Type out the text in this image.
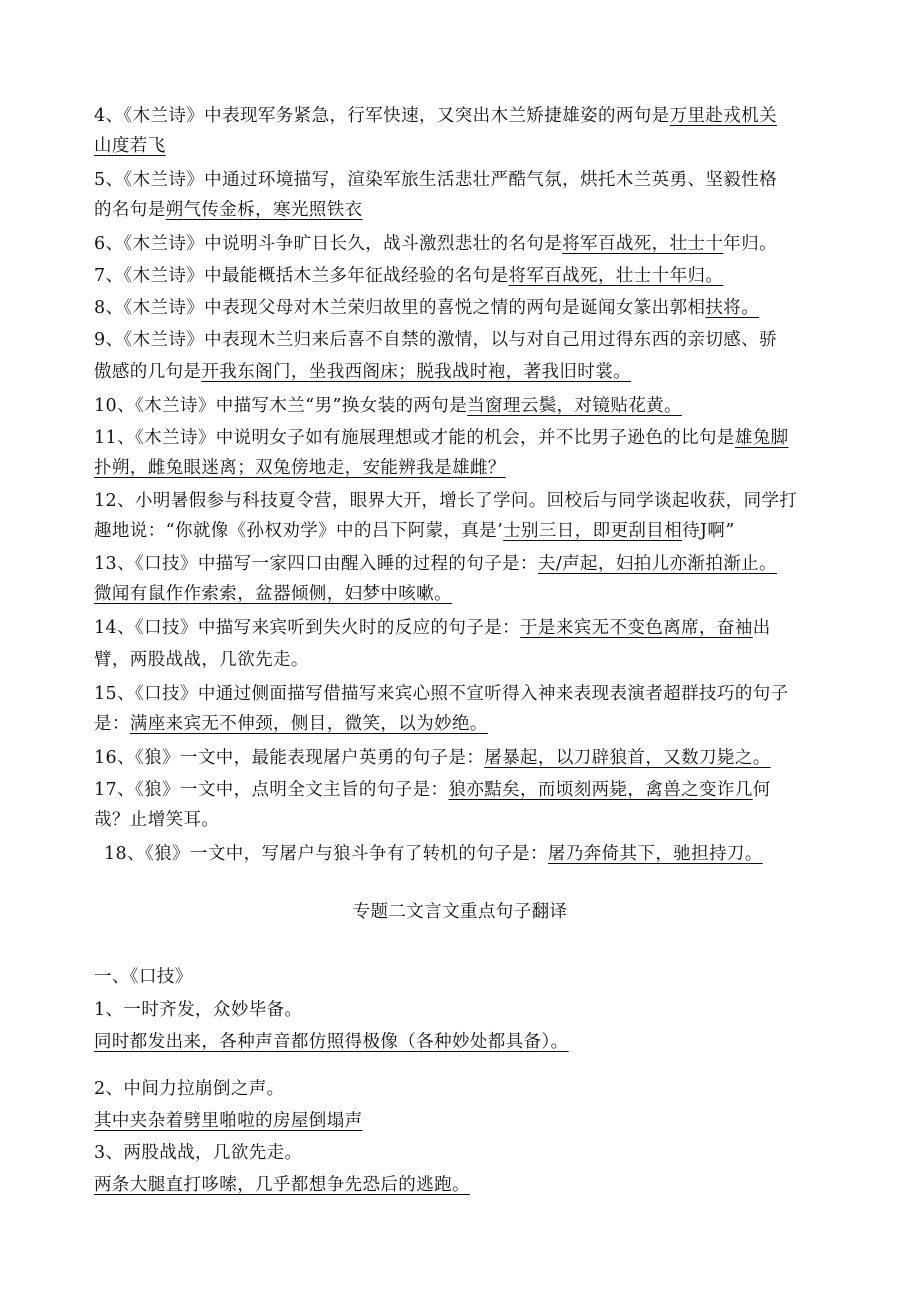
4、《木兰诗》中表现军务紧急，行军快速，又突出木兰矫捷雄姿的两句是万里赴戎机关
山度若飞
5、《木兰诗》中通过环境描写，渲染军旅生活悲壮严酷气氛，烘托木兰英勇、坚毅性格
的名句是朔气传金柝，寒光照铁衣
6、《木兰诗》中说明斗争旷日长久，战斗激烈悲壮的名句是将军百战死，壮士十年归。
7、《木兰诗》中最能概括木兰多年征战经验的名句是将军百战死，壮士十年归。
8、《木兰诗》中表现父母对木兰荣归故里的喜悦之情的两句是诞闻女篆出郭相扶将。
9、《木兰诗》中表现木兰归来后喜不自禁的激情，以与对自己用过得东西的亲切感、骄
傲感的几句是开我东阁门，坐我西阁床；脱我战时袍，著我旧时裳。
10、《木兰诗》中描写木兰“男”换女装的两句是当窗理云鬓，对镜贴花黄。
11、《木兰诗》中说明女子如有施展理想或才能的机会，并不比男子逊色的比句是雄兔脚
扑朔，雌兔眼迷离；双兔傍地走，安能辨我是雄雌？
12、小明暑假参与科技夏令营，眼界大开，增长了学问。回校后与同学谈起收获，同学打
趣地说：“你就像《孙权劝学》中的吕下阿蒙，真是’士别三日，即更刮目相待J啊”
13、《口技》中描写一家四口由醒入睡的过程的句子是：夫/声起，妇拍儿亦渐拍渐止。
微闻有鼠作作索索，盆器倾侧，妇梦中咳嗽。
14、《口技》中描写来宾听到失火时的反应的句子是：于是来宾无不变色离席，奋袖出
臂，两股战战，几欲先走。
15、《口技》中通过侧面描写借描写来宾心照不宣听得入神来表现表演者超群技巧的句子
是：满座来宾无不伸颈，侧目，微笑，以为妙绝。
16、《狼》一文中，最能表现屠户英勇的句子是：屠暴起，以刀辟狼首，又数刀毙之。
17、《狼》一文中，点明全文主旨的句子是：狼亦黠矣，而顷刻两毙，禽兽之变诈几何
哉？止增笑耳。
18、《狼》一文中，写屠户与狼斗争有了转机的句子是：屠乃奔倚其下，驰担持刀。
专题二文言文重点句子翻译
一、《口技》
1、一时齐发，众妙毕备。
同时都发出来，各种声音都仿照得极像（各种妙处都具备）。
2、中间力拉崩倒之声。
其中夹杂着劈里啪啦的房屋倒塌声
3、两股战战，几欲先走。
两条大腿直打哆嗦，几乎都想争先恐后的逃跑。
